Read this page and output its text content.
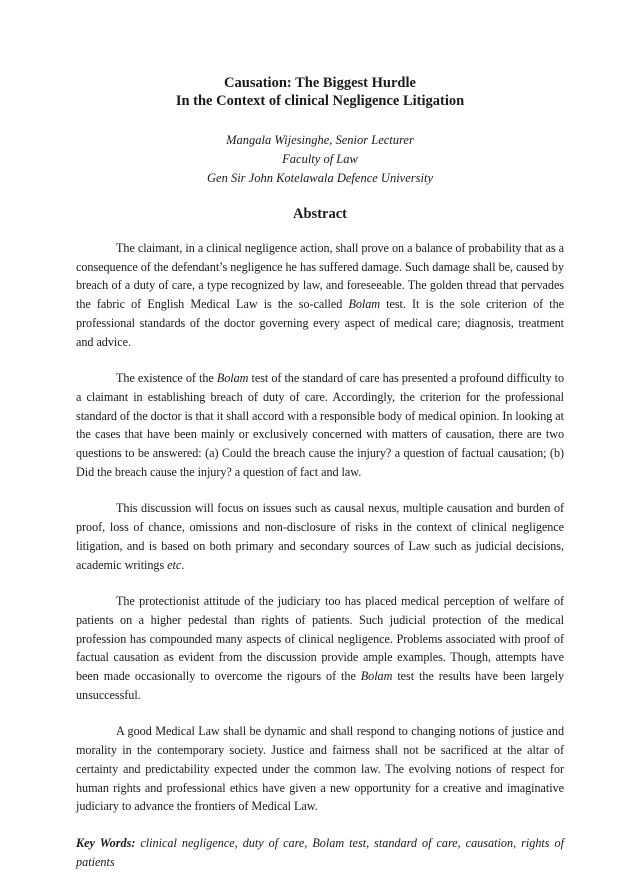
Causation: The Biggest Hurdle
In the Context of clinical Negligence Litigation
Mangala Wijesinghe, Senior Lecturer
Faculty of Law
Gen Sir John Kotelawala Defence University
Abstract

The claimant, in a clinical negligence action, shall prove on a balance of probability that as a consequence of the defendant’s negligence he has suffered damage. Such damage shall be, caused by breach of a duty of care, a type recognized by law, and foreseeable. The golden thread that pervades the fabric of English Medical Law is the so-called Bolam test. It is the sole criterion of the professional standards of the doctor governing every aspect of medical care; diagnosis, treatment and advice.

The existence of the Bolam test of the standard of care has presented a profound difficulty to a claimant in establishing breach of duty of care. Accordingly, the criterion for the professional standard of the doctor is that it shall accord with a responsible body of medical opinion. In looking at the cases that have been mainly or exclusively concerned with matters of causation, there are two questions to be answered: (a) Could the breach cause the injury? a question of factual causation; (b) Did the breach cause the injury? a question of fact and law.

This discussion will focus on issues such as causal nexus, multiple causation and burden of proof, loss of chance, omissions and non-disclosure of risks in the context of clinical negligence litigation, and is based on both primary and secondary sources of Law such as judicial decisions, academic writings etc.

The protectionist attitude of the judiciary too has placed medical perception of welfare of patients on a higher pedestal than rights of patients. Such judicial protection of the medical profession has compounded many aspects of clinical negligence. Problems associated with proof of factual causation as evident from the discussion provide ample examples. Though, attempts have been made occasionally to overcome the rigours of the Bolam test the results have been largely unsuccessful.

A good Medical Law shall be dynamic and shall respond to changing notions of justice and morality in the contemporary society. Justice and fairness shall not be sacrificed at the altar of certainty and predictability expected under the common law. The evolving notions of respect for human rights and professional ethics have given a new opportunity for a creative and imaginative judiciary to advance the frontiers of Medical Law.

Key Words: clinical negligence, duty of care, Bolam test, standard of care, causation, rights of patients
